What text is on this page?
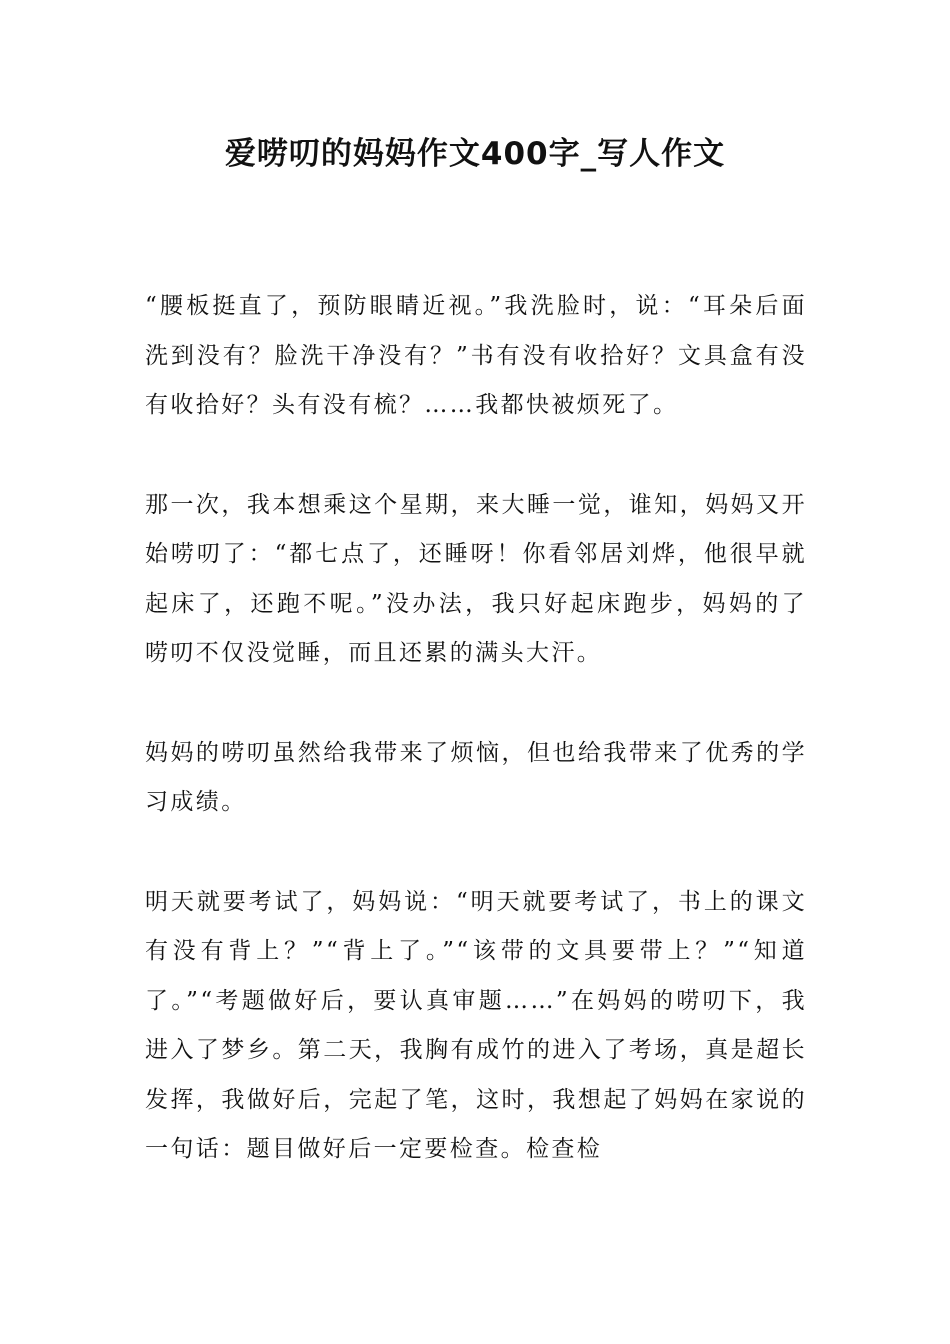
爱唠叨的妈妈作文400字_写人作文

“腰板挺直了，预防眼睛近视。”我洗脸时，说：“耳朵后面洗到没有？脸洗干净没有？”书有没有收拾好？文具盒有没有收拾好？头有没有梳？……我都快被烦死了。

那一次，我本想乘这个星期，来大睡一觉，谁知，妈妈又开始唠叨了：“都七点了，还睡呀！你看邻居刘烨，他很早就起床了，还跑不呢。”没办法，我只好起床跑步，妈妈的了唠叨不仅没觉睡，而且还累的满头大汗。

妈妈的唠叨虽然给我带来了烦恼，但也给我带来了优秀的学习成绩。

明天就要考试了，妈妈说：“明天就要考试了，书上的课文有没有背上？”“背上了。”“该带的文具要带上？”“知道了。”“考题做好后，要认真审题……”在妈妈的唠叨下，我进入了梦乡。第二天，我胸有成竹的进入了考场，真是超长发挥，我做好后，完起了笔，这时，我想起了妈妈在家说的一句话：题目做好后一定要检查。检查检
